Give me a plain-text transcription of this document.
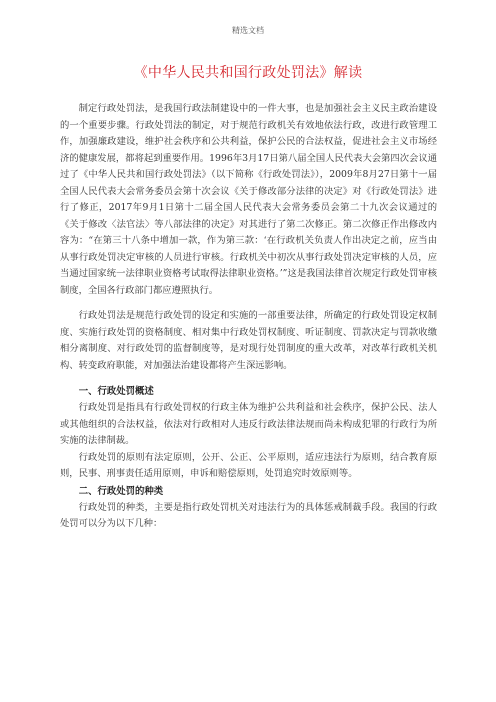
精选文档
《中华人民共和国行政处罚法》解读

制定行政处罚法，是我国行政法制建设中的一件大事，也是加强社会主义民主政治建设的一个重要步骤。行政处罚法的制定，对于规范行政机关有效地依法行政，改进行政管理工作，加强廉政建设，维护社会秩序和公共利益，保护公民的合法权益，促进社会主义市场经济的健康发展，都将起到重要作用。1996年3月17日第八届全国人民代表大会第四次会议通过了《中华人民共和国行政处罚法》（以下简称《行政处罚法》），2009年8月27日第十一届全国人民代表大会常务委员会第十次会议《关于修改部分法律的决定》对《行政处罚法》进行了修正，2017年9月1日第十二届全国人民代表大会常务委员会第二十九次会议通过的《关于修改〈法官法〉等八部法律的决定》对其进行了第二次修正。第二次修正作出修改内容为：“在第三十八条中增加一款，作为第三款：‘在行政机关负责人作出决定之前，应当由从事行政处罚决定审核的人员进行审核。行政机关中初次从事行政处罚决定审核的人员，应当通过国家统一法律职业资格考试取得法律职业资格。’”这是我国法律首次规定行政处罚审核制度，全国各行政部门都应遵照执行。

行政处罚法是规范行政处罚的设定和实施的一部重要法律，所确定的行政处罚设定权制度、实施行政处罚的资格制度、相对集中行政处罚权制度、听证制度、罚款决定与罚款收缴相分离制度、对行政处罚的监督制度等，是对现行处罚制度的重大改革，对改革行政机关机构、转变政府职能，对加强法治建设都将产生深远影响。

一、行政处罚概述

行政处罚是指具有行政处罚权的行政主体为维护公共利益和社会秩序，保护公民、法人或其他组织的合法权益，依法对行政相对人违反行政法律法规而尚未构成犯罪的行政行为所实施的法律制裁。

行政处罚的原则有法定原则，公开、公正、公平原则，适应违法行为原则，结合教育原则，民事、刑事责任适用原则，申诉和赔偿原则，处罚追究时效原则等。

二、行政处罚的种类

行政处罚的种类，主要是指行政处罚机关对违法行为的具体惩戒制裁手段。我国的行政处罚可以分为以下几种：
